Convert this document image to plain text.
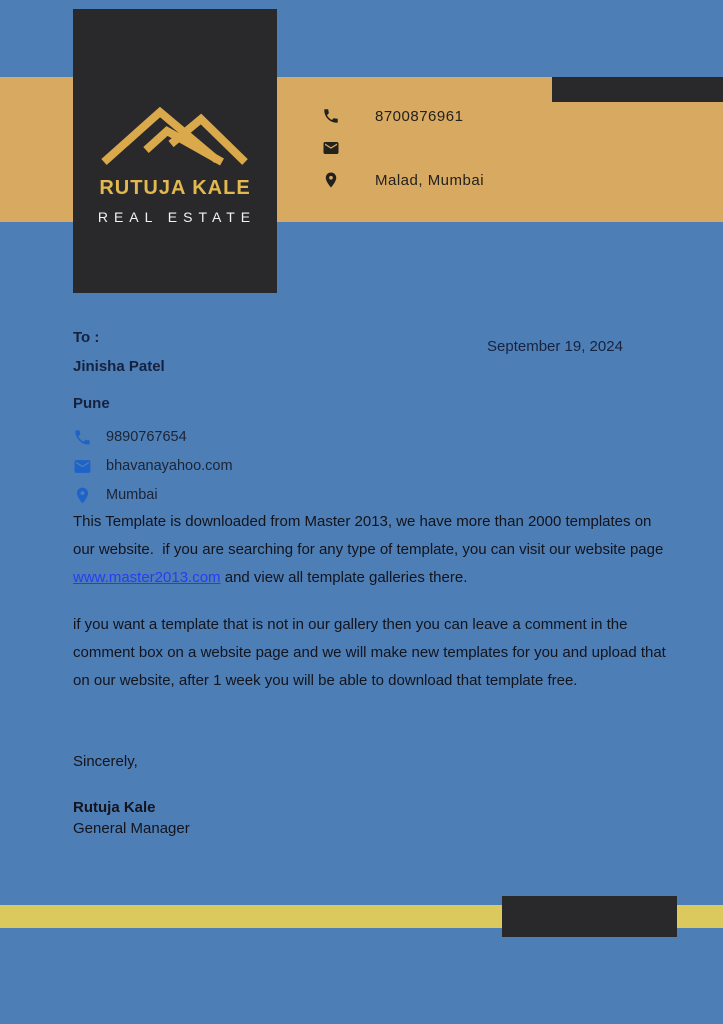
RUTUJA KALE
REAL ESTATE
8700876961
Malad, Mumbai
September 19, 2024
To :
Jinisha Patel
Pune
9890767654
bhavanayahoo.com
Mumbai
This Template is downloaded from Master 2013, we have more than 2000 templates on our website.  if you are searching for any type of template, you can visit our website page www.master2013.com and view all template galleries there.
if you want a template that is not in our gallery then you can leave a comment in the comment box on a website page and we will make new templates for you and upload that on our website, after 1 week you will be able to download that template free.
Sincerely,
Rutuja Kale
General Manager
